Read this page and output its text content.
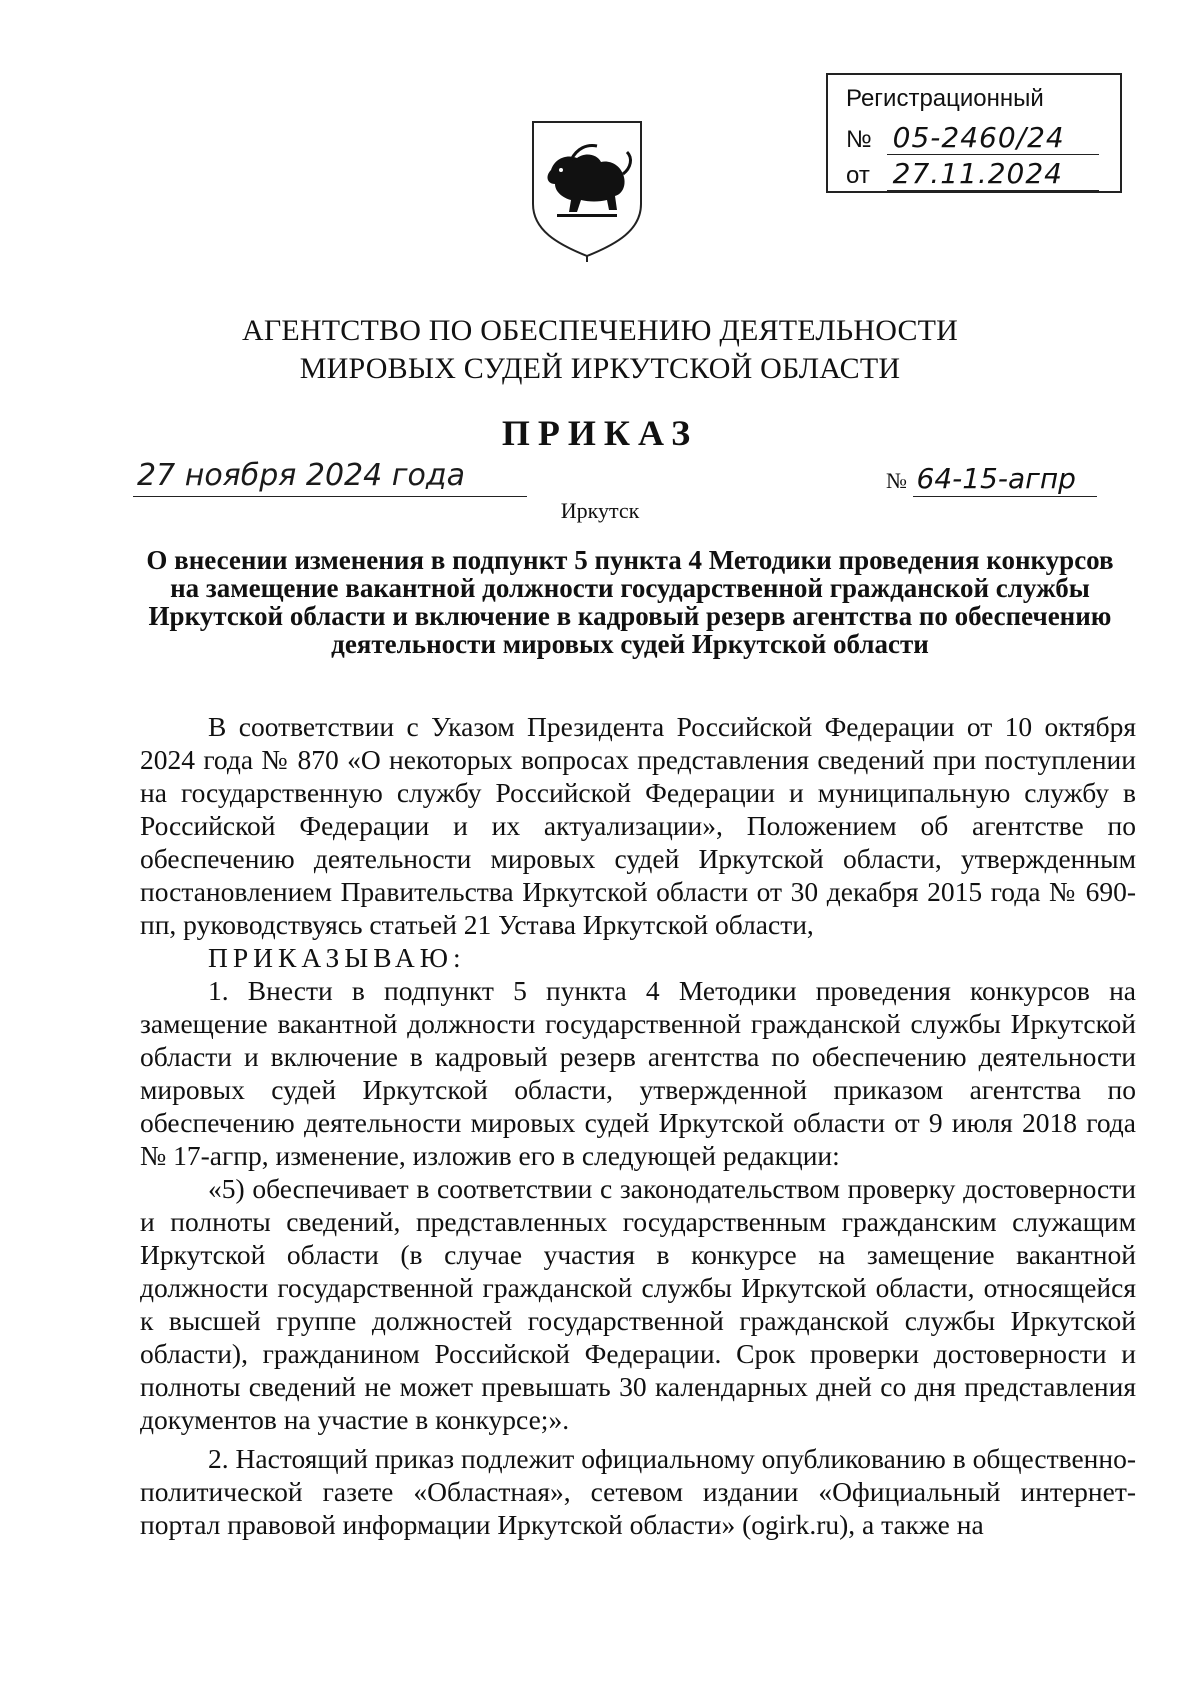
Регистрационный
№ 05-2460/24
от 27.11.2024
АГЕНТСТВО ПО ОБЕСПЕЧЕНИЮ ДЕЯТЕЛЬНОСТИ
МИРОВЫХ СУДЕЙ ИРКУТСКОЙ ОБЛАСТИ
ПРИКАЗ
27 ноября 2024 года	№ 64-15-агпр
Иркутск
О внесении изменения в подпункт 5 пункта 4 Методики проведения конкурсов на замещение вакантной должности государственной гражданской службы Иркутской области и включение в кадровый резерв агентства по обеспечению деятельности мировых судей Иркутской области

В соответствии с Указом Президента Российской Федерации от 10 октября 2024 года № 870 «О некоторых вопросах представления сведений при поступлении на государственную службу Российской Федерации и муниципальную службу в Российской Федерации и их актуализации», Положением об агентстве по обеспечению деятельности мировых судей Иркутской области, утвержденным постановлением Правительства Иркутской области от 30 декабря 2015 года № 690-пп, руководствуясь статьей 21 Устава Иркутской области,

ПРИКАЗЫВАЮ:

1. Внести в подпункт 5 пункта 4 Методики проведения конкурсов на замещение вакантной должности государственной гражданской службы Иркутской области и включение в кадровый резерв агентства по обеспечению деятельности мировых судей Иркутской области, утвержденной приказом агентства по обеспечению деятельности мировых судей Иркутской области от 9 июля 2018 года № 17-агпр, изменение, изложив его в следующей редакции:

«5) обеспечивает в соответствии с законодательством проверку достоверности и полноты сведений, представленных государственным гражданским служащим Иркутской области (в случае участия в конкурсе на замещение вакантной должности государственной гражданской службы Иркутской области, относящейся к высшей группе должностей государственной гражданской службы Иркутской области), гражданином Российской Федерации. Срок проверки достоверности и полноты сведений не может превышать 30 календарных дней со дня представления документов на участие в конкурсе;».

2. Настоящий приказ подлежит официальному опубликованию в общественно-политической газете «Областная», сетевом издании «Официальный интернет-портал правовой информации Иркутской области» (ogirk.ru), а также на
